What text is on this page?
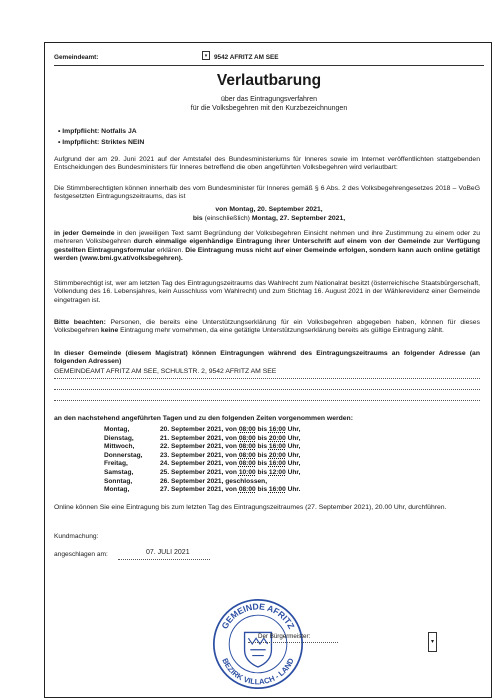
Gemeindeamt:	▾	9542 AFRITZ AM SEE
Verlautbarung
über das Eintragungsverfahren
für die Volksbegehren mit den Kurzbezeichnungen
• Impfpflicht: Notfalls JA
• Impfpflicht: Striktes NEIN
Aufgrund der am 29. Juni 2021 auf der Amtstafel des Bundesministeriums für Inneres sowie im Internet veröffentlichten stattgebenden Entscheidungen des Bundesministers für Inneres betreffend die oben angeführten Volksbegehren wird verlautbart:
Die Stimmberechtigten können innerhalb des vom Bundesminister für Inneres gemäß § 6 Abs. 2 des Volksbegehrengesetzes 2018 – VoBeG festgesetzten Eintragungszeitraums, das ist
von Montag, 20. September 2021,
bis (einschließlich) Montag, 27. September 2021,
in jeder Gemeinde in den jeweiligen Text samt Begründung der Volksbegehren Einsicht nehmen und ihre Zustimmung zu einem oder zu mehreren Volksbegehren durch einmalige eigenhändige Eintragung ihrer Unterschrift auf einem von der Gemeinde zur Verfügung gestellten Eintragungsformular erklären. Die Eintragung muss nicht auf einer Gemeinde erfolgen, sondern kann auch online getätigt werden (www.bmi.gv.at/volksbegehren).
Stimmberechtigt ist, wer am letzten Tag des Eintragungszeitraums das Wahlrecht zum Nationalrat besitzt (österreichische Staatsbürgerschaft, Vollendung des 16. Lebensjahres, kein Ausschluss vom Wahlrecht) und zum Stichtag 16. August 2021 in der Wählerevidenz einer Gemeinde eingetragen ist.
Bitte beachten: Personen, die bereits eine Unterstützungserklärung für ein Volksbegehren abgegeben haben, können für dieses Volksbegehren keine Eintragung mehr vornehmen, da eine getätigte Unterstützungserklärung bereits als gültige Eintragung zählt.
In dieser Gemeinde (diesem Magistrat) können Eintragungen während des Eintragungszeitraums an folgender Adresse (an folgenden Adressen)
GEMEINDEAMT AFRITZ AM SEE, SCHULSTR. 2, 9542 AFRITZ AM SEE
an den nachstehend angeführten Tagen und zu den folgenden Zeiten vorgenommen werden:
Montag,	20. September 2021, von 08:00 bis 16:00 Uhr,
Dienstag,	21. September 2021, von 08:00 bis 20:00 Uhr,
Mittwoch,	22. September 2021, von 08:00 bis 16:00 Uhr,
Donnerstag,	23. September 2021, von 08:00 bis 20:00 Uhr,
Freitag,	24. September 2021, von 08:00 bis 16:00 Uhr,
Samstag,	25. September 2021, von 10:00 bis 12:00 Uhr,
Sonntag,	26. September 2021, geschlossen,
Montag,	27. September 2021, von 08:00 bis 16:00 Uhr.
Online können Sie eine Eintragung bis zum letzten Tag des Eintragungszeitraumes (27. September 2021), 20.00 Uhr, durchführen.
Kundmachung:
angeschlagen am:	07. JULI 2021
GEMEINDE AFRITZ
BEZIRK VILLACH - LAND
Der Bürgermeister:
▾
